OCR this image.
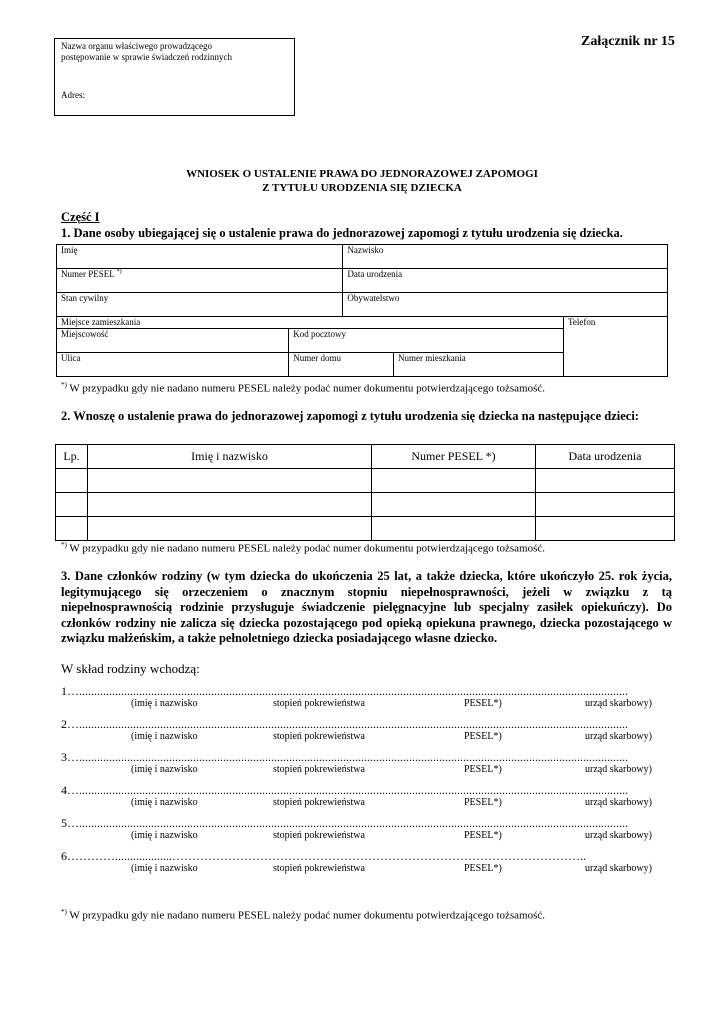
Załącznik nr 15
Nazwa organu właściwego prowadzącego postępowanie w sprawie świadczeń rodzinnych
Adres:
WNIOSEK O USTALENIE PRAWA DO JEDNORAZOWEJ ZAPOMOGI
Z TYTUŁU URODZENIA SIĘ DZIECKA
Część I
1. Dane osoby ubiegającej się o ustalenie prawa do jednorazowej zapomogi z tytułu urodzenia się dziecka.
Imię		Nazwisko		
Numer PESEL *)		Data urodzenia		
Stan cywilny		Obywatelstwo		
Miejsce zamieszkania				Telefon
Miejscowość	Kod pocztowy			
Ulica	Numer domu		Numer mieszkania	
*) W przypadku gdy nie nadano numeru PESEL należy podać numer dokumentu potwierdzającego tożsamość.
2. Wnoszę o ustalenie prawa do jednorazowej zapomogi z tytułu urodzenia się dziecka na następujące dzieci:
Lp.	Imię i nazwisko	Numer PESEL *)	Data urodzenia

*) W przypadku gdy nie nadano numeru PESEL należy podać numer dokumentu potwierdzającego tożsamość.
3. Dane członków rodziny (w tym dziecka do ukończenia 25 lat, a także dziecka, które ukończyło 25. rok życia, legitymującego się orzeczeniem o znacznym stopniu niepełnosprawności, jeżeli w związku z tą niepełnosprawnością rodzinie przysługuje świadczenie pielęgnacyjne lub specjalny zasiłek opiekuńczy). Do członków rodziny nie zalicza się dziecka pozostającego pod opieką opiekuna prawnego, dziecka pozostającego w związku małżeńskim, a także pełnoletniego dziecka posiadającego własne dziecko.
W skład rodziny wchodzą:
1….......................................................................................................................................................................................
(imię i nazwisko	stopień pokrewieństwa	PESEL*)	urząd skarbowy)
2….......................................................................................................................................................................................
(imię i nazwisko	stopień pokrewieństwa	PESEL*)	urząd skarbowy)
3….......................................................................................................................................................................................
(imię i nazwisko	stopień pokrewieństwa	PESEL*)	urząd skarbowy)
4….......................................................................................................................................................................................
(imię i nazwisko	stopień pokrewieństwa	PESEL*)	urząd skarbowy)
5….......................................................................................................................................................................................
(imię i nazwisko	stopień pokrewieństwa	PESEL*)	urząd skarbowy)
6…………...................…………………………………………………………………………………………..
(imię i nazwisko	stopień pokrewieństwa	PESEL*)	urząd skarbowy)
*) W przypadku gdy nie nadano numeru PESEL należy podać numer dokumentu potwierdzającego tożsamość.
